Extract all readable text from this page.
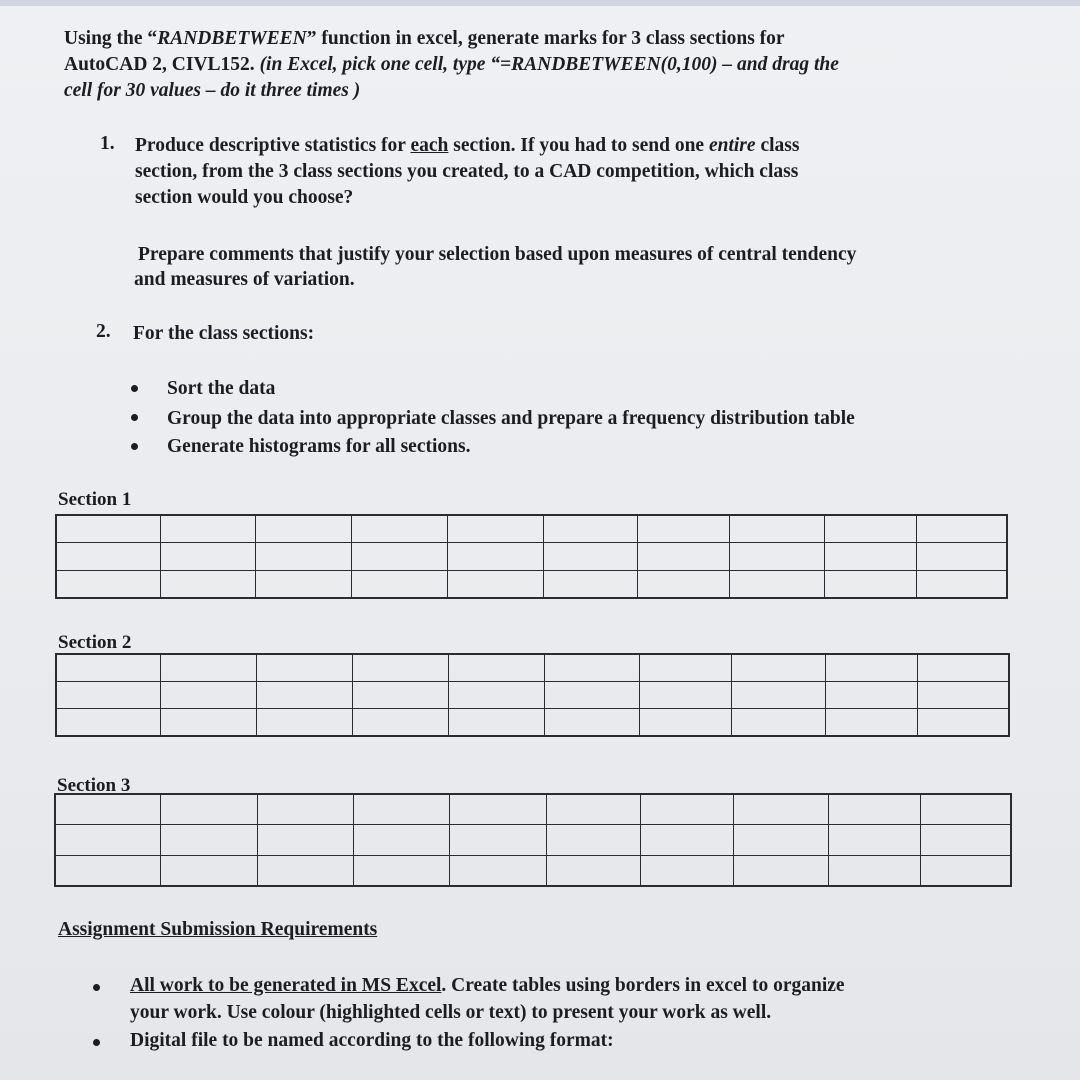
Using the “RANDBETWEEN” function in excel, generate marks for 3 class sections for
AutoCAD 2, CIVL152. (in Excel, pick one cell, type “=RANDBETWEEN(0,100) – and drag the
cell for 30 values – do it three times )
1. Produce descriptive statistics for each section. If you had to send one entire class
section, from the 3 class sections you created, to a CAD competition, which class
section would you choose?
Prepare comments that justify your selection based upon measures of central tendency
and measures of variation.
2. For the class sections:
Sort the data
Group the data into appropriate classes and prepare a frequency distribution table
Generate histograms for all sections.
Section 1

Section 2

Section 3

Assignment Submission Requirements
All work to be generated in MS Excel. Create tables using borders in excel to organize
your work. Use colour (highlighted cells or text) to present your work as well.
Digital file to be named according to the following format:
